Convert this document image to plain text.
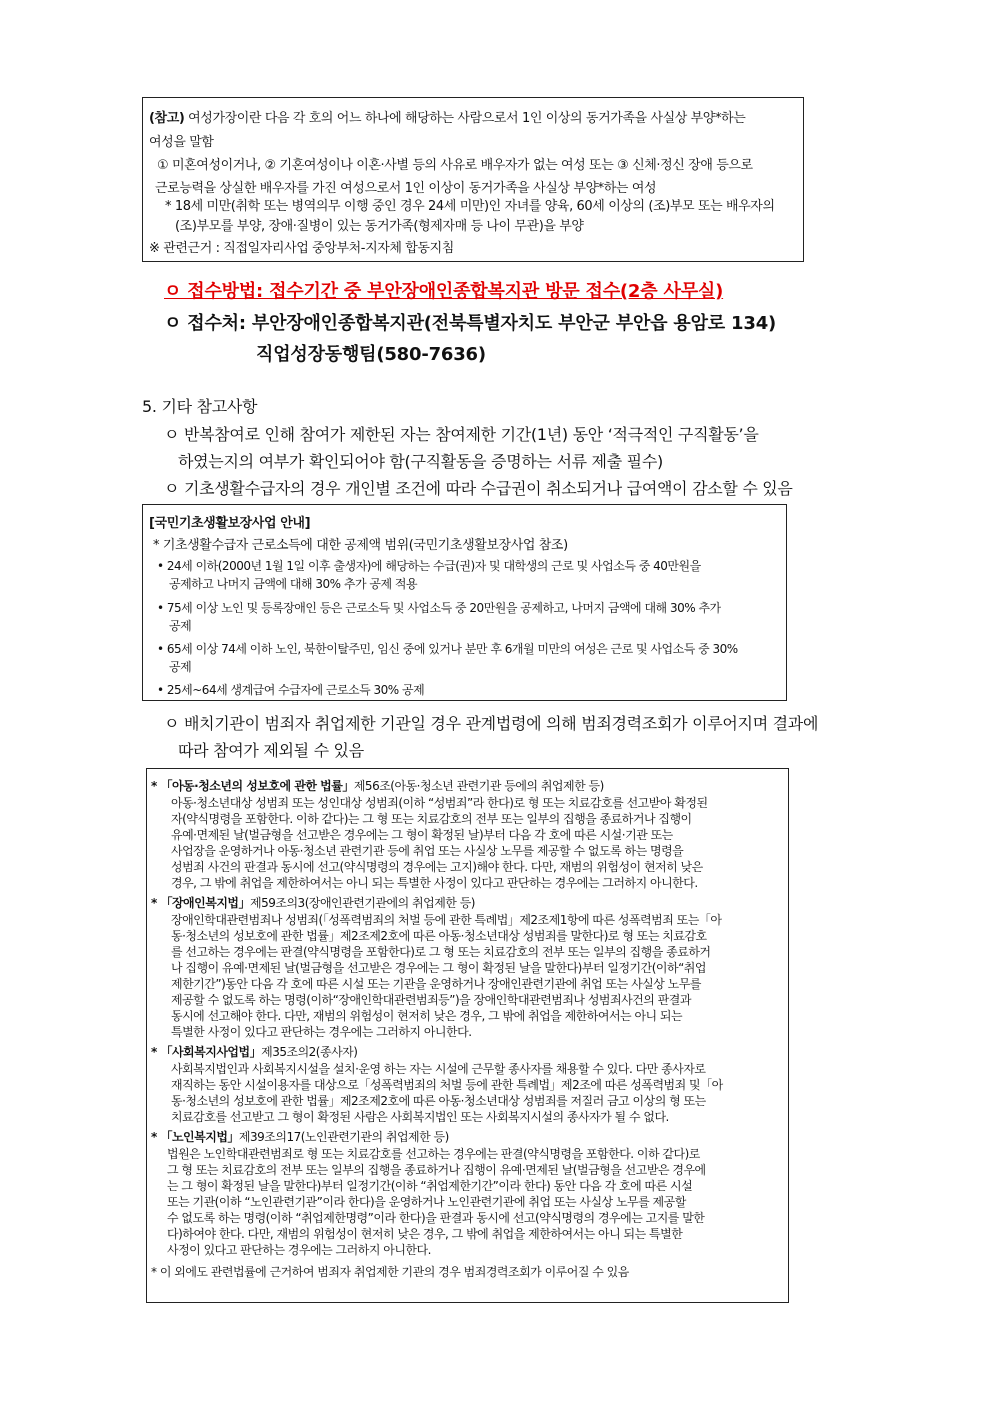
(참고) 여성가장이란 다음 각 호의 어느 하나에 해당하는 사람으로서 1인 이상의 동거가족을 사실상 부양*하는
여성을 말함
① 미혼여성이거나, ② 기혼여성이나 이혼·사별 등의 사유로 배우자가 없는 여성 또는 ③ 신체·정신 장애 등으로
근로능력을 상실한 배우자를 가진 여성으로서 1인 이상이 동거가족을 사실상 부양*하는 여성
* 18세 미만(취학 또는 병역의무 이행 중인 경우 24세 미만)인 자녀를 양육, 60세 이상의 (조)부모 또는 배우자의
(조)부모를 부양, 장애·질병이 있는 동거가족(형제자매 등 나이 무관)을 부양
※ 관련근거 : 직접일자리사업 중앙부처-지자체 합동지침
ㅇ 접수방법: 접수기간 중 부안장애인종합복지관 방문 접수(2층 사무실)
ㅇ 접수처: 부안장애인종합복지관(전북특별자치도 부안군 부안읍 용암로 134)
직업성장동행팀(580-7636)
5. 기타 참고사항
ㅇ 반복참여로 인해 참여가 제한된 자는 참여제한 기간(1년) 동안 ‘적극적인 구직활동’을
하였는지의 여부가 확인되어야 함(구직활동을 증명하는 서류 제출 필수)
ㅇ 기초생활수급자의 경우 개인별 조건에 따라 수급권이 취소되거나 급여액이 감소할 수 있음
[국민기초생활보장사업 안내]
* 기초생활수급자 근로소득에 대한 공제액 범위(국민기초생활보장사업 참조)
• 24세 이하(2000년 1월 1일 이후 출생자)에 해당하는 수급(권)자 및 대학생의 근로 및 사업소득 중 40만원을
공제하고 나머지 금액에 대해 30% 추가 공제 적용
• 75세 이상 노인 및 등록장애인 등은 근로소득 및 사업소득 중 20만원을 공제하고, 나머지 금액에 대해 30% 추가
공제
• 65세 이상 74세 이하 노인, 북한이탈주민, 임신 중에 있거나 분만 후 6개월 미만의 여성은 근로 및 사업소득 중 30%
공제
• 25세~64세 생계급여 수급자에 근로소득 30% 공제
ㅇ 배치기관이 범죄자 취업제한 기관일 경우 관계법령에 의해 범죄경력조회가 이루어지며 결과에
따라 참여가 제외될 수 있음
* 「아동·청소년의 성보호에 관한 법률」제56조(아동·청소년 관련기관 등에의 취업제한 등)
아동·청소년대상 성범죄 또는 성인대상 성범죄(이하 “성범죄”라 한다)로 형 또는 치료감호를 선고받아 확정된
자(약식명령을 포함한다. 이하 같다)는 그 형 또는 치료감호의 전부 또는 일부의 집행을 종료하거나 집행이
유예·면제된 날(벌금형을 선고받은 경우에는 그 형이 확정된 날)부터 다음 각 호에 따른 시설·기관 또는
사업장을 운영하거나 아동·청소년 관련기관 등에 취업 또는 사실상 노무를 제공할 수 없도록 하는 명령을
성범죄 사건의 판결과 동시에 선고(약식명령의 경우에는 고지)해야 한다. 다만, 재범의 위험성이 현저히 낮은
경우, 그 밖에 취업을 제한하여서는 아니 되는 특별한 사정이 있다고 판단하는 경우에는 그러하지 아니한다.
* 「장애인복지법」제59조의3(장애인관련기관에의 취업제한 등)
장애인학대관련범죄나 성범죄(「성폭력범죄의 처벌 등에 관한 특례법」제2조제1항에 따른 성폭력범죄 또는「아
동·청소년의 성보호에 관한 법률」제2조제2호에 따른 아동·청소년대상 성범죄를 말한다)로 형 또는 치료감호
를 선고하는 경우에는 판결(약식명령을 포함한다)로 그 형 또는 치료감호의 전부 또는 일부의 집행을 종료하거
나 집행이 유예·면제된 날(벌금형을 선고받은 경우에는 그 형이 확정된 날을 말한다)부터 일정기간(이하“취업
제한기간”)동안 다음 각 호에 따른 시설 또는 기관을 운영하거나 장애인관련기관에 취업 또는 사실상 노무를
제공할 수 없도록 하는 명령(이하“장애인학대관련범죄등”)을 장애인학대관련범죄나 성범죄사건의 판결과
동시에 선고해야 한다. 다만, 재범의 위험성이 현저히 낮은 경우, 그 밖에 취업을 제한하여서는 아니 되는
특별한 사정이 있다고 판단하는 경우에는 그러하지 아니한다.
* 「사회복지사업법」제35조의2(종사자)
사회복지법인과 사회복지시설을 설치·운영 하는 자는 시설에 근무할 종사자를 채용할 수 있다. 다만 종사자로
재직하는 동안 시설이용자를 대상으로「성폭력범죄의 처벌 등에 관한 특례법」제2조에 따른 성폭력범죄 및「아
동·청소년의 성보호에 관한 법률」제2조제2호에 따른 아동·청소년대상 성범죄를 저질러 금고 이상의 형 또는
치료감호를 선고받고 그 형이 확정된 사람은 사회복지법인 또는 사회복지시설의 종사자가 될 수 없다.
* 「노인복지법」제39조의17(노인관련기관의 취업제한 등)
법원은 노인학대관련범죄로 형 또는 치료감호를 선고하는 경우에는 판결(약식명령을 포함한다. 이하 같다)로
그 형 또는 치료감호의 전부 또는 일부의 집행을 종료하거나 집행이 유예·면제된 날(벌금형을 선고받은 경우에
는 그 형이 확정된 날을 말한다)부터 일정기간(이하 “취업제한기간”이라 한다) 동안 다음 각 호에 따른 시설
또는 기관(이하 “노인관련기관”이라 한다)을 운영하거나 노인관련기관에 취업 또는 사실상 노무를 제공할
수 없도록 하는 명령(이하 “취업제한명령”이라 한다)을 판결과 동시에 선고(약식명령의 경우에는 고지를 말한
다)하여야 한다. 다만, 재범의 위험성이 현저히 낮은 경우, 그 밖에 취업을 제한하여서는 아니 되는 특별한
사정이 있다고 판단하는 경우에는 그러하지 아니한다.
* 이 외에도 관련법률에 근거하여 범죄자 취업제한 기관의 경우 범죄경력조회가 이루어질 수 있음
